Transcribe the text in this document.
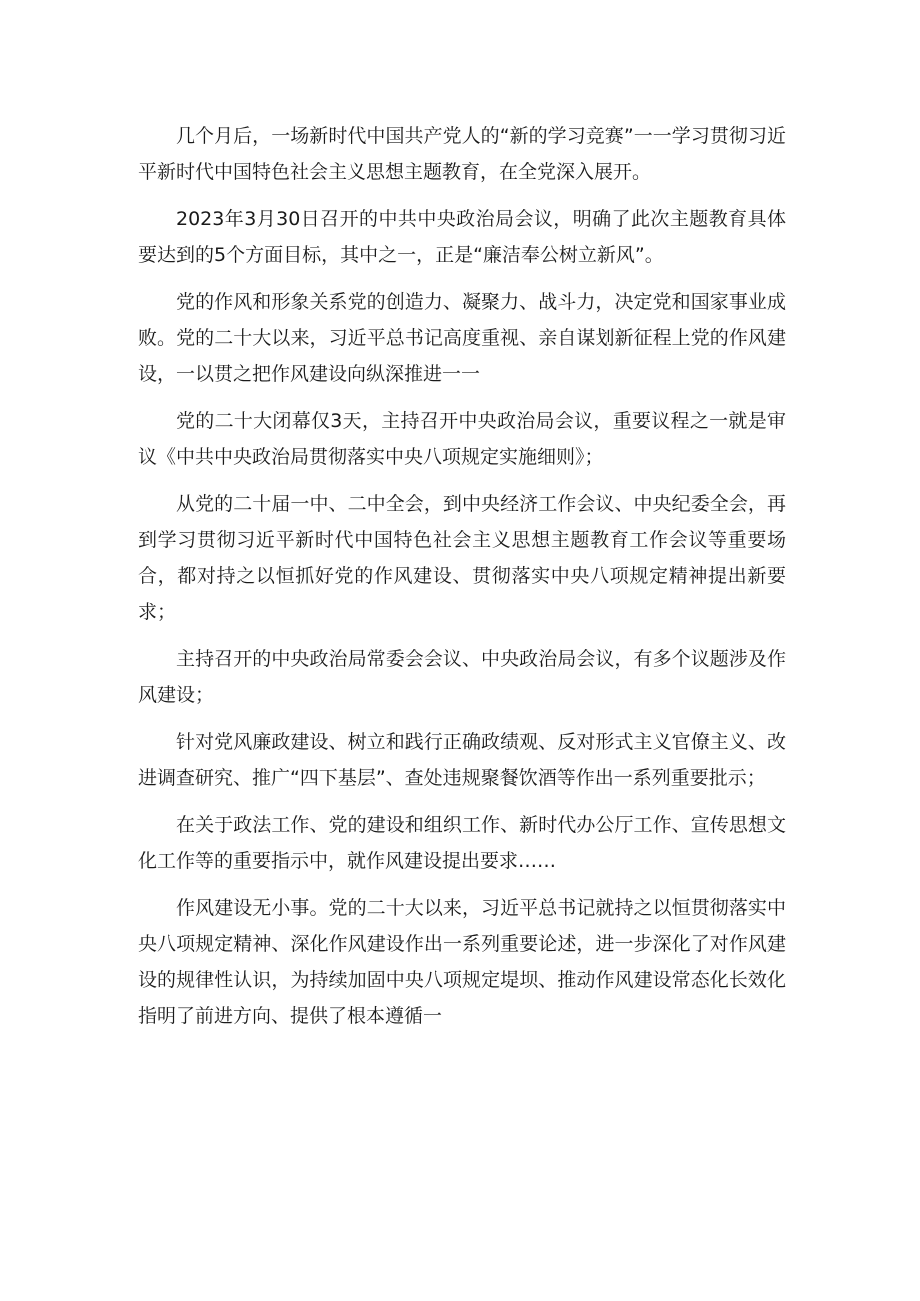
几个月后，一场新时代中国共产党人的“新的学习竞赛”一一学习贯彻习近平新时代中国特色社会主义思想主题教育，在全党深入展开。

2023年3月30日召开的中共中央政治局会议，明确了此次主题教育具体要达到的5个方面目标，其中之一，正是“廉洁奉公树立新风”。

党的作风和形象关系党的创造力、凝聚力、战斗力，决定党和国家事业成败。党的二十大以来，习近平总书记高度重视、亲自谋划新征程上党的作风建设，一以贯之把作风建设向纵深推进一一

党的二十大闭幕仅3天，主持召开中央政治局会议，重要议程之一就是审议《中共中央政治局贯彻落实中央八项规定实施细则》；

从党的二十届一中、二中全会，到中央经济工作会议、中央纪委全会，再到学习贯彻习近平新时代中国特色社会主义思想主题教育工作会议等重要场合，都对持之以恒抓好党的作风建设、贯彻落实中央八项规定精神提出新要求；

主持召开的中央政治局常委会会议、中央政治局会议，有多个议题涉及作风建设；

针对党风廉政建设、树立和践行正确政绩观、反对形式主义官僚主义、改进调查研究、推广“四下基层”、查处违规聚餐饮酒等作出一系列重要批示；

在关于政法工作、党的建设和组织工作、新时代办公厅工作、宣传思想文化工作等的重要指示中，就作风建设提出要求……

作风建设无小事。党的二十大以来，习近平总书记就持之以恒贯彻落实中央八项规定精神、深化作风建设作出一系列重要论述，进一步深化了对作风建设的规律性认识，为持续加固中央八项规定堤坝、推动作风建设常态化长效化指明了前进方向、提供了根本遵循一
